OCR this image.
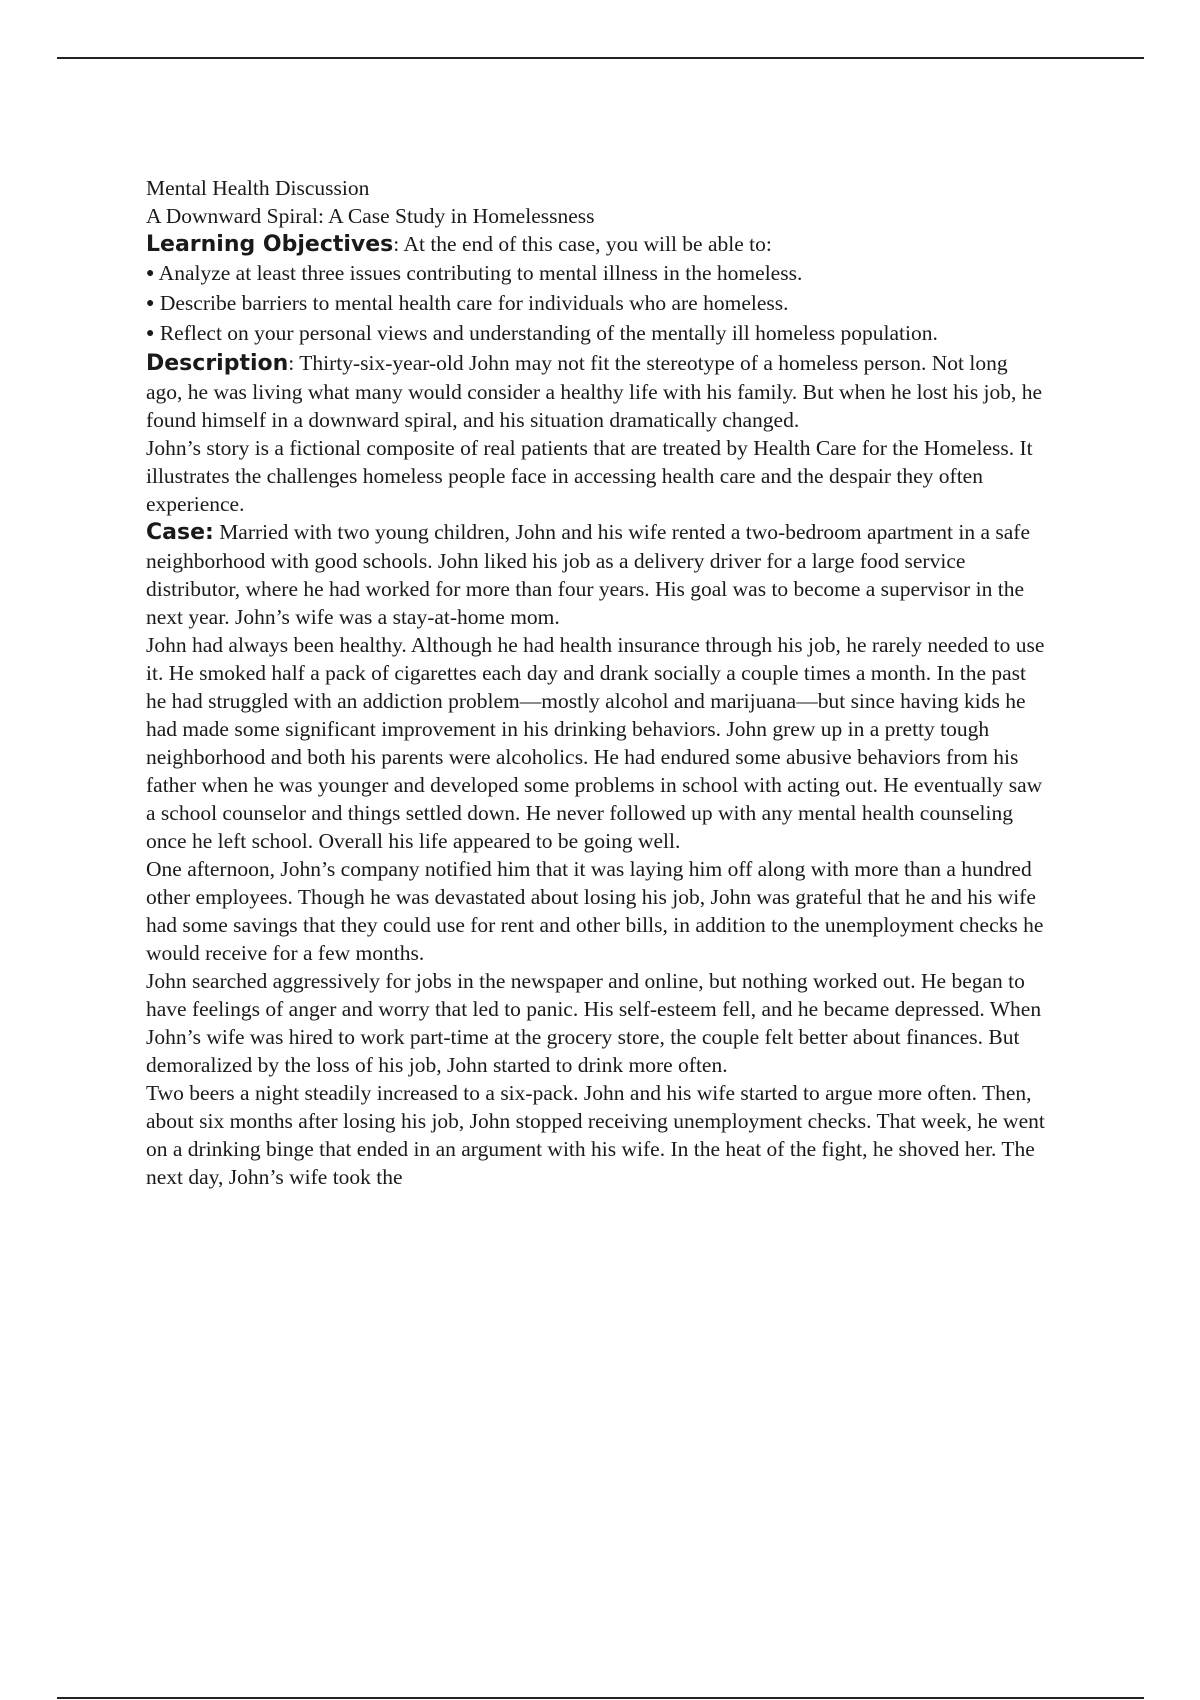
Mental Health Discussion

A Downward Spiral: A Case Study in Homelessness

Learning Objectives: At the end of this case, you will be able to:

● Analyze at least three issues contributing to mental illness in the homeless.

● Describe barriers to mental health care for individuals who are homeless.

● Reflect on your personal views and understanding of the mentally ill homeless population.

Description: Thirty-six-year-old John may not fit the stereotype of a homeless person. Not long ago, he was living what many would consider a healthy life with his family. But when he lost his job, he found himself in a downward spiral, and his situation dramatically changed.

John’s story is a fictional composite of real patients that are treated by Health Care for the Homeless. It illustrates the challenges homeless people face in accessing health care and the despair they often experience.

Case: Married with two young children, John and his wife rented a two-bedroom apartment in a safe neighborhood with good schools. John liked his job as a delivery driver for a large food service distributor, where he had worked for more than four years. His goal was to become a supervisor in the next year. John’s wife was a stay-at-home mom.

John had always been healthy. Although he had health insurance through his job, he rarely needed to use it. He smoked half a pack of cigarettes each day and drank socially a couple times a month. In the past he had struggled with an addiction problem—mostly alcohol and marijuana—but since having kids he had made some significant improvement in his drinking behaviors. John grew up in a pretty tough neighborhood and both his parents were alcoholics. He had endured some abusive behaviors from his father when he was younger and developed some problems in school with acting out. He eventually saw a school counselor and things settled down. He never followed up with any mental health counseling once he left school. Overall his life appeared to be going well.

One afternoon, John’s company notified him that it was laying him off along with more than a hundred other employees. Though he was devastated about losing his job, John was grateful that he and his wife had some savings that they could use for rent and other bills, in addition to the unemployment checks he would receive for a few months.

John searched aggressively for jobs in the newspaper and online, but nothing worked out. He began to have feelings of anger and worry that led to panic. His self-esteem fell, and he became depressed. When John’s wife was hired to work part-time at the grocery store, the couple felt better about finances. But demoralized by the loss of his job, John started to drink more often.

Two beers a night steadily increased to a six-pack. John and his wife started to argue more often. Then, about six months after losing his job, John stopped receiving unemployment checks. That week, he went on a drinking binge that ended in an argument with his wife. In the heat of the fight, he shoved her. The next day, John’s wife took the
